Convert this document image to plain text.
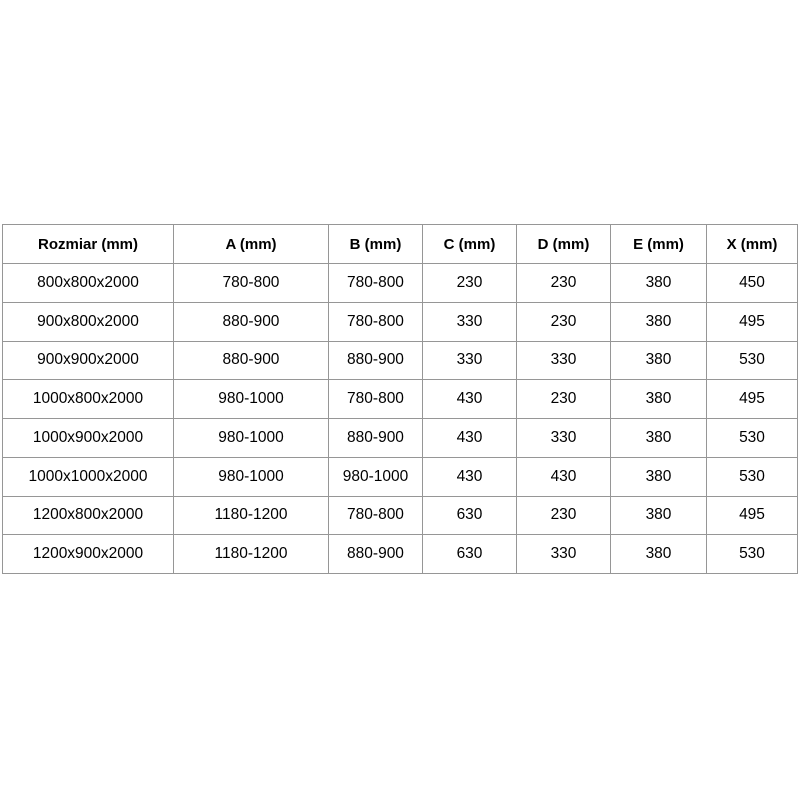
Rozmiar (mm)	A (mm)	B (mm)	C (mm)	D (mm)	E (mm)	X (mm)
800x800x2000	780-800	780-800	230	230	380	450
900x800x2000	880-900	780-800	330	230	380	495
900x900x2000	880-900	880-900	330	330	380	530
1000x800x2000	980-1000	780-800	430	230	380	495
1000x900x2000	980-1000	880-900	430	330	380	530
1000x1000x2000	980-1000	980-1000	430	430	380	530
1200x800x2000	1180-1200	780-800	630	230	380	495
1200x900x2000	1180-1200	880-900	630	330	380	530
